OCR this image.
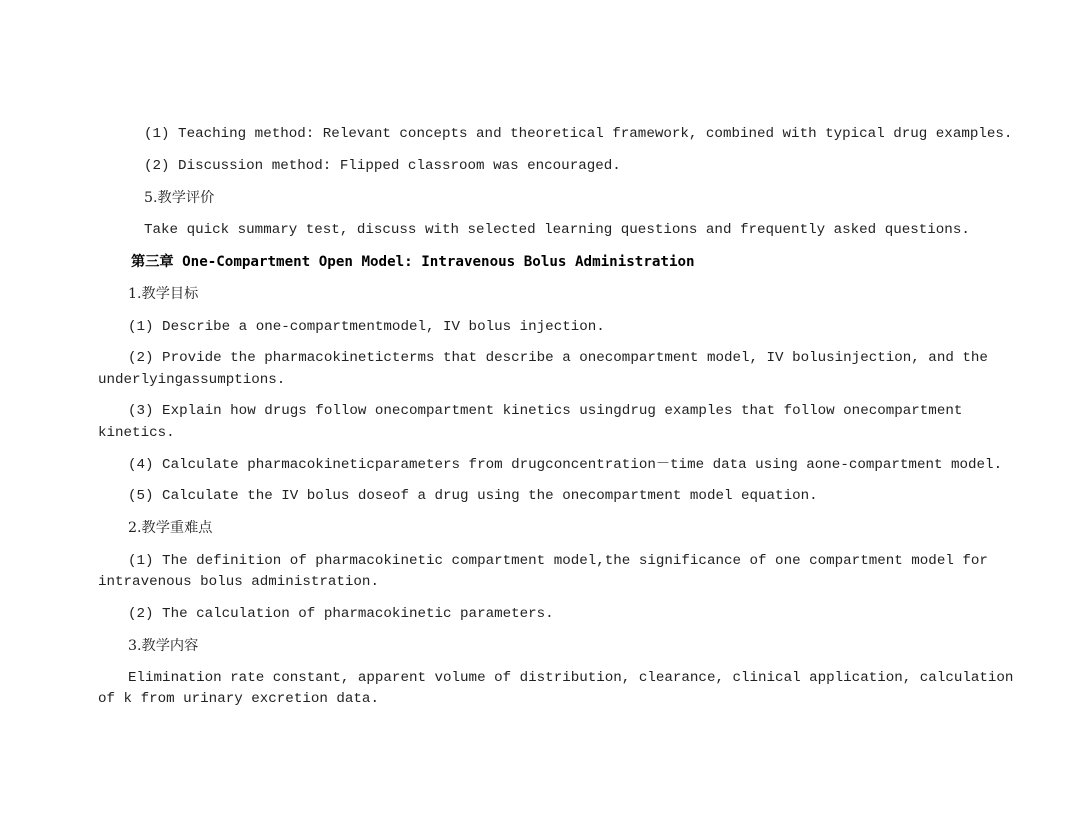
(1) Teaching method: Relevant concepts and theoretical framework, combined with typical drug examples.
(2) Discussion method: Flipped classroom was encouraged.
5.教学评价
Take quick summary test, discuss with selected learning questions and frequently asked questions.
第三章 One-Compartment Open Model: Intravenous Bolus Administration
1.教学目标
(1) Describe a one-compartmentmodel, IV bolus injection.
(2) Provide the pharmacokineticterms that describe a onecompartment model, IV bolusinjection, and the
underlyingassumptions.
(3) Explain how drugs follow onecompartment kinetics usingdrug examples that follow onecompartment
kinetics.
(4) Calculate pharmacokineticparameters from drugconcentration－time data using aone-compartment model.
(5) Calculate the IV bolus doseof a drug using the onecompartment model equation.
2.教学重难点
(1) The definition of pharmacokinetic compartment model,the significance of one compartment model for
intravenous bolus administration.
(2) The calculation of pharmacokinetic parameters.
3.教学内容
Elimination rate constant, apparent volume of distribution, clearance, clinical application, calculation
of k from urinary excretion data.
